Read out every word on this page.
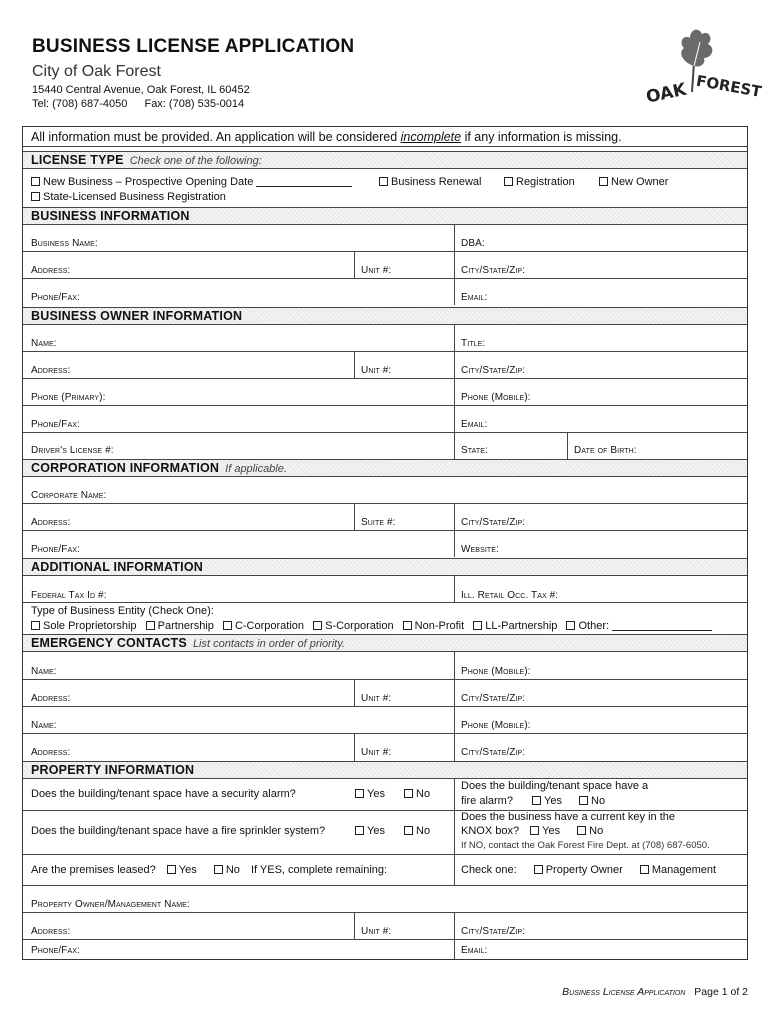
BUSINESS LICENSE APPLICATION
City of Oak Forest
15440 Central Avenue, Oak Forest, IL 60452
Tel: (708) 687-4050 Fax: (708) 535-0014	OAK FOREST
All information must be provided. An application will be considered incomplete if any information is missing.
LICENSE TYPE Check one of the following:
New Business – Prospective Opening Date	Business Renewal	Registration	New Owner
State-Licensed Business Registration
BUSINESS INFORMATION
Business Name:	DBA:
Address:	Unit #:	City/State/Zip:
Phone/Fax:	Email:
BUSINESS OWNER INFORMATION
Name:	Title:
Address:	Unit #:	City/State/Zip:
Phone (Primary):	Phone (Mobile):
Phone/Fax:	Email:
Driver's License #:	State:	Date of Birth:
CORPORATION INFORMATION If applicable.
Corporate Name:
Address:	Suite #:	City/State/Zip:
Phone/Fax:	Website:
ADDITIONAL INFORMATION
Federal Tax Id #:	Ill. Retail Occ. Tax #:
Type of Business Entity (Check One):
Sole Proprietorship Partnership C-Corporation S-Corporation Non-Profit LL-Partnership Other:
EMERGENCY CONTACTS List contacts in order of priority.
Name:	Phone (Mobile):
Address:	Unit #:	City/State/Zip:
Name:	Phone (Mobile):
Address:	Unit #:	City/State/Zip:
PROPERTY INFORMATION
Does the building/tenant space have a security alarm?	Yes	No
Does the building/tenant space have a
fire alarm?	Yes	No
Does the building/tenant space have a fire sprinkler system?	Yes	No
Does the business have a current key in the
KNOX box? Yes	No
If NO, contact the Oak Forest Fire Dept. at (708) 687-6050.
Are the premises leased? Yes	No If YES, complete remaining:	Check one:	Property Owner	Management
Property Owner/Management Name:
Address:	Unit #:	City/State/Zip:
Phone/Fax:	Email:
Business License Application Page 1 of 2
